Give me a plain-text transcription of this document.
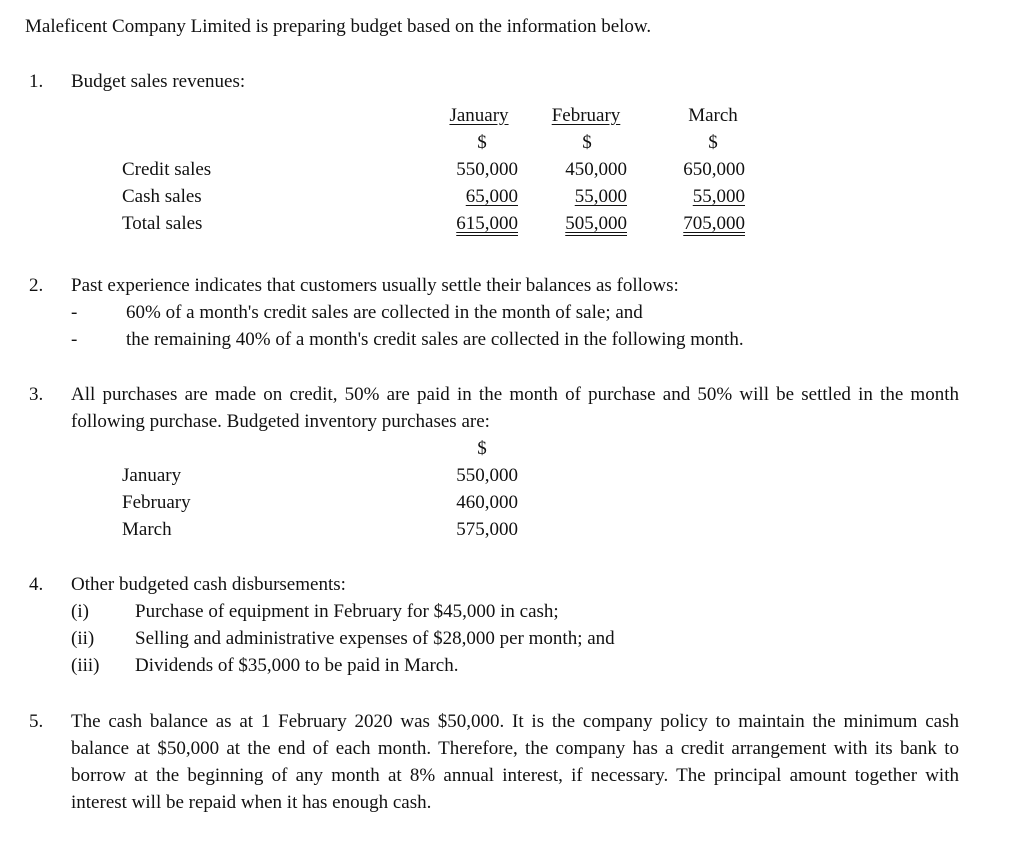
Maleficent Company Limited is preparing budget based on the information below.
1. Budget sales revenues:
January	February	March
$	$	$
Credit sales	550,000	450,000	650,000
Cash sales	65,000	55,000	55,000
Total sales	615,000	505,000	705,000
2. Past experience indicates that customers usually settle their balances as follows:
-	60% of a month's credit sales are collected in the month of sale; and
-	the remaining 40% of a month's credit sales are collected in the following month.
3. All purchases are made on credit, 50% are paid in the month of purchase and 50% will be settled in the month following purchase. Budgeted inventory purchases are:
$
January	550,000
February	460,000
March	575,000
4. Other budgeted cash disbursements:
(i) Purchase of equipment in February for $45,000 in cash;
(ii) Selling and administrative expenses of $28,000 per month; and
(iii) Dividends of $35,000 to be paid in March.
5. The cash balance as at 1 February 2020 was $50,000. It is the company policy to maintain the minimum cash balance at $50,000 at the end of each month. Therefore, the company has a credit arrangement with its bank to borrow at the beginning of any month at 8% annual interest, if necessary. The principal amount together with interest will be repaid when it has enough cash.
